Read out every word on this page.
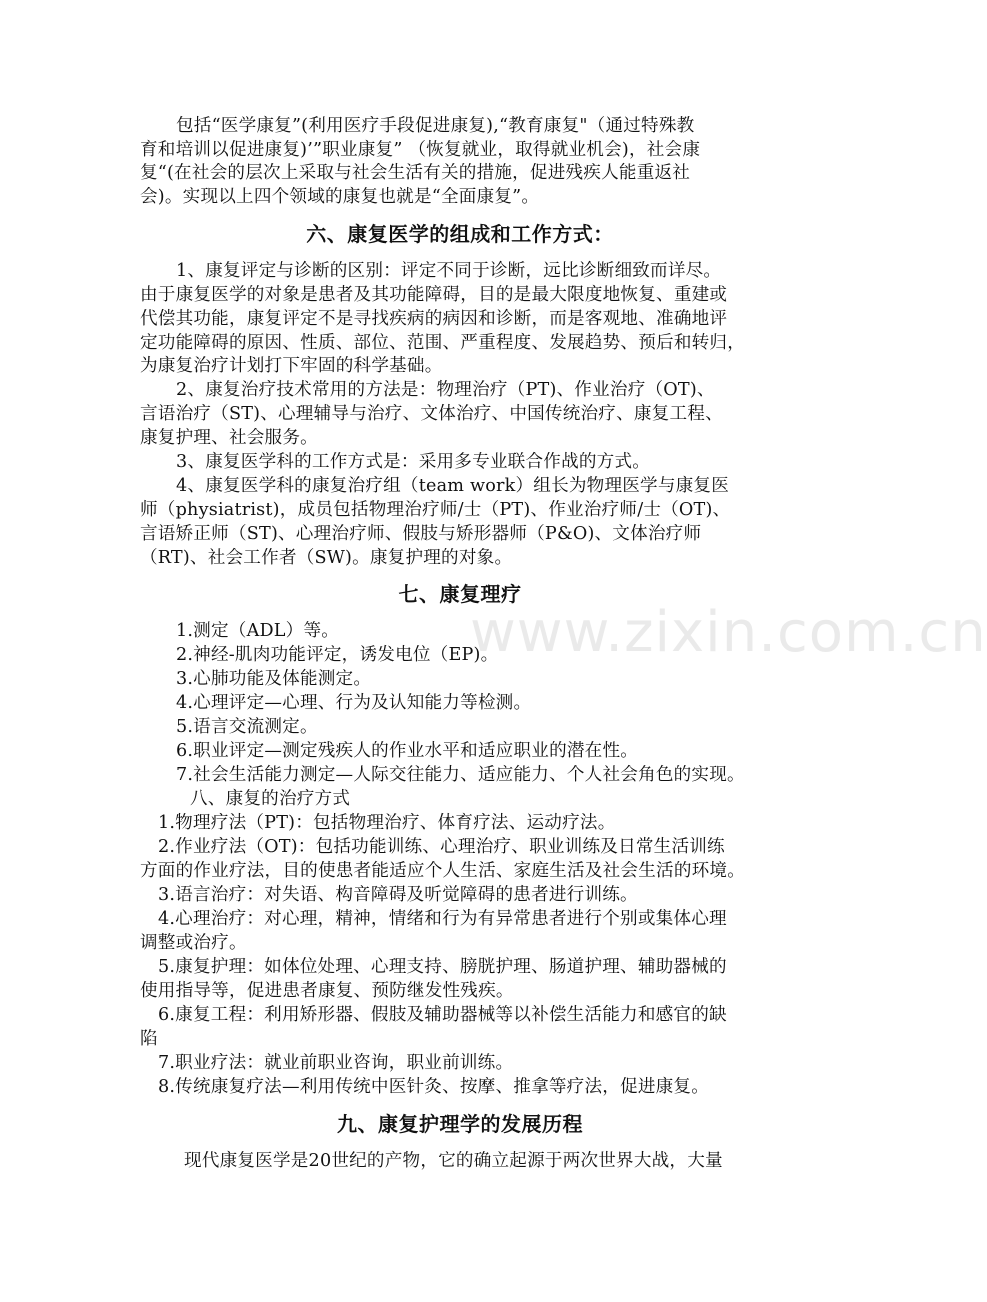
包括“医学康复”(利用医疗手段促进康复),“教育康复"（通过特殊教
育和培训以促进康复)’”职业康复” （恢复就业，取得就业机会)，社会康
复“(在社会的层次上采取与社会生活有关的措施，促进残疾人能重返社
会)。实现以上四个领域的康复也就是“全面康复”。
六、康复医学的组成和工作方式：
1、康复评定与诊断的区别：评定不同于诊断，远比诊断细致而详尽。
由于康复医学的对象是患者及其功能障碍，目的是最大限度地恢复、重建或
代偿其功能，康复评定不是寻找疾病的病因和诊断，而是客观地、准确地评
定功能障碍的原因、性质、部位、范围、严重程度、发展趋势、预后和转归，
为康复治疗计划打下牢固的科学基础。
2、康复治疗技术常用的方法是：物理治疗（PT)、作业治疗（OT)、
言语治疗（ST)、心理辅导与治疗、文体治疗、中国传统治疗、康复工程、
康复护理、社会服务。
3、康复医学科的工作方式是：采用多专业联合作战的方式。
4、康复医学科的康复治疗组（team work）组长为物理医学与康复医
师（physiatrist)，成员包括物理治疗师/士（PT)、作业治疗师/士（OT)、
言语矫正师（ST)、心理治疗师、假肢与矫形器师（P&O)、文体治疗师
（RT)、社会工作者（SW)。康复护理的对象。
七、康复理疗
www.zixin.com.cn
1.测定（ADL）等。
2.神经-肌肉功能评定，诱发电位（EP)。
3.心肺功能及体能测定。
4.心理评定—心理、行为及认知能力等检测。
5.语言交流测定。
6.职业评定—测定残疾人的作业水平和适应职业的潜在性。
7.社会生活能力测定—人际交往能力、适应能力、个人社会角色的实现。
八、康复的治疗方式
1.物理疗法（PT)：包括物理治疗、体育疗法、运动疗法。
2.作业疗法（OT)：包括功能训练、心理治疗、职业训练及日常生活训练
方面的作业疗法，目的使患者能适应个人生活、家庭生活及社会生活的环境。
3.语言治疗：对失语、构音障碍及听觉障碍的患者进行训练。
4.心理治疗：对心理，精神，情绪和行为有异常患者进行个别或集体心理
调整或治疗。
5.康复护理：如体位处理、心理支持、膀胱护理、肠道护理、辅助器械的
使用指导等，促进患者康复、预防继发性残疾。
6.康复工程：利用矫形器、假肢及辅助器械等以补偿生活能力和感官的缺
陷
7.职业疗法：就业前职业咨询，职业前训练。
8.传统康复疗法—利用传统中医针灸、按摩、推拿等疗法，促进康复。
九、康复护理学的发展历程
现代康复医学是20世纪的产物，它的确立起源于两次世界大战，大量
